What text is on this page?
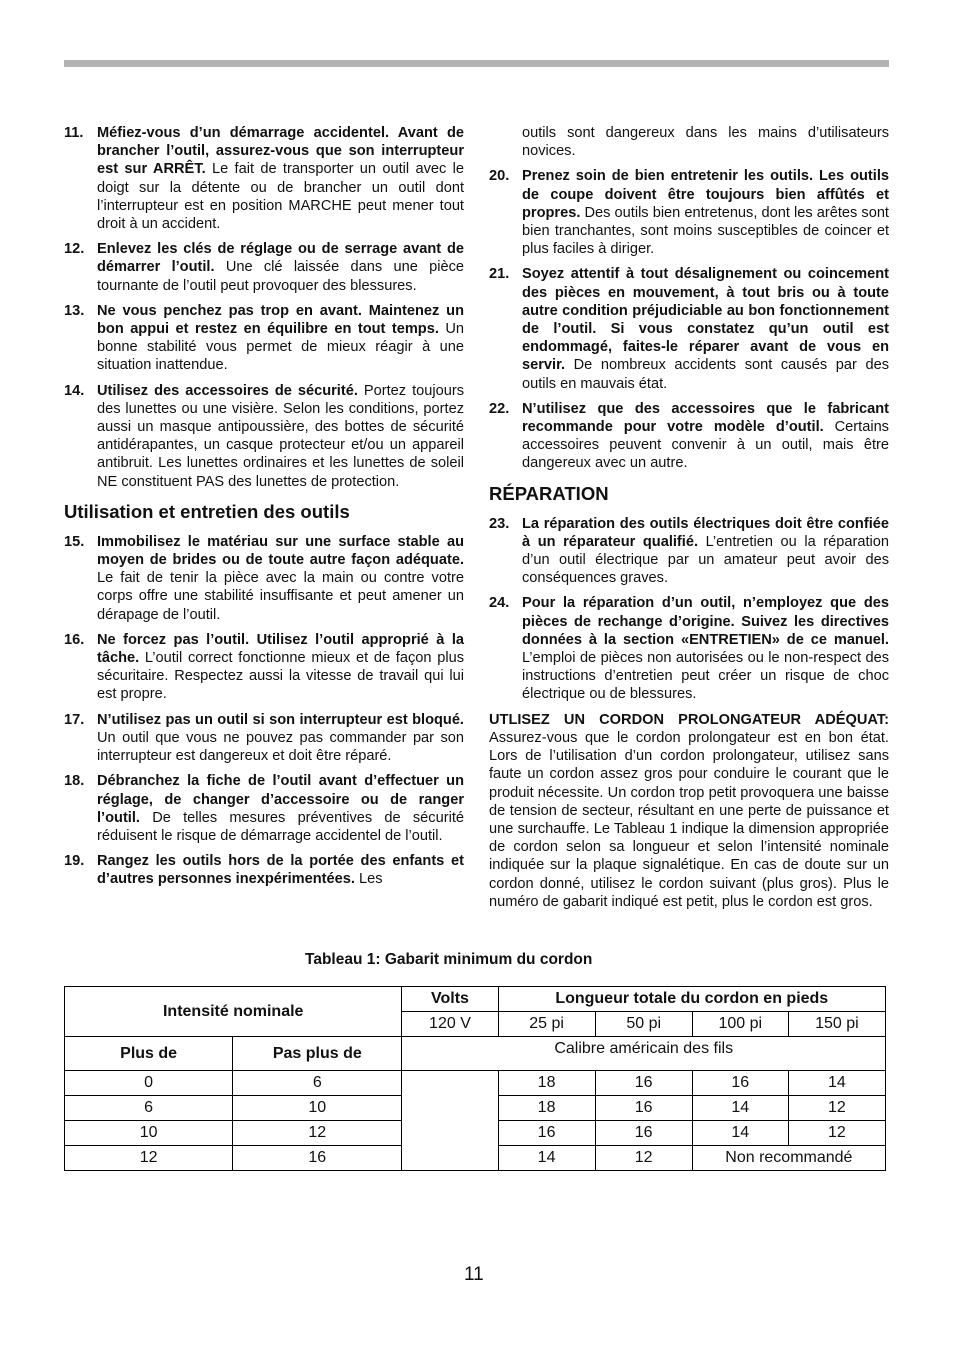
11. Méfiez-vous d’un démarrage accidentel. Avant de brancher l’outil, assurez-vous que son interrupteur est sur ARRÊT. Le fait de transporter un outil avec le doigt sur la détente ou de brancher un outil dont l’interrupteur est en position MARCHE peut mener tout droit à un accident.
12. Enlevez les clés de réglage ou de serrage avant de démarrer l’outil. Une clé laissée dans une pièce tournante de l’outil peut provoquer des blessures.
13. Ne vous penchez pas trop en avant. Maintenez un bon appui et restez en équilibre en tout temps. Un bonne stabilité vous permet de mieux réagir à une situation inattendue.
14. Utilisez des accessoires de sécurité. Portez toujours des lunettes ou une visière. Selon les conditions, portez aussi un masque antipoussière, des bottes de sécurité antidérapantes, un casque protecteur et/ou un appareil antibruit. Les lunettes ordinaires et les lunettes de soleil NE constituent PAS des lunettes de protection.
Utilisation et entretien des outils
15. Immobilisez le matériau sur une surface stable au moyen de brides ou de toute autre façon adéquate. Le fait de tenir la pièce avec la main ou contre votre corps offre une stabilité insuffisante et peut amener un dérapage de l’outil.
16. Ne forcez pas l’outil. Utilisez l’outil approprié à la tâche. L’outil correct fonctionne mieux et de façon plus sécuritaire. Respectez aussi la vitesse de travail qui lui est propre.
17. N’utilisez pas un outil si son interrupteur est bloqué. Un outil que vous ne pouvez pas commander par son interrupteur est dangereux et doit être réparé.
18. Débranchez la fiche de l’outil avant d’effectuer un réglage, de changer d’accessoire ou de ranger l’outil. De telles mesures préventives de sécurité réduisent le risque de démarrage accidentel de l’outil.
19. Rangez les outils hors de la portée des enfants et d’autres personnes inexpérimentées. Les
outils sont dangereux dans les mains d’utilisateurs novices.
20. Prenez soin de bien entretenir les outils. Les outils de coupe doivent être toujours bien affûtés et propres. Des outils bien entretenus, dont les arêtes sont bien tranchantes, sont moins susceptibles de coincer et plus faciles à diriger.
21. Soyez attentif à tout désalignement ou coincement des pièces en mouvement, à tout bris ou à toute autre condition préjudiciable au bon fonctionnement de l’outil. Si vous constatez qu’un outil est endommagé, faites-le réparer avant de vous en servir. De nombreux accidents sont causés par des outils en mauvais état.
22. N’utilisez que des accessoires que le fabricant recommande pour votre modèle d’outil. Certains accessoires peuvent convenir à un outil, mais être dangereux avec un autre.
RÉPARATION
23. La réparation des outils électriques doit être confiée à un réparateur qualifié. L’entretien ou la réparation d’un outil électrique par un amateur peut avoir des conséquences graves.
24. Pour la réparation d’un outil, n’employez que des pièces de rechange d’origine. Suivez les directives données à la section «ENTRETIEN» de ce manuel. L’emploi de pièces non autorisées ou le non-respect des instructions d’entretien peut créer un risque de choc électrique ou de blessures.

UTLISEZ UN CORDON PROLONGATEUR ADÉQUAT: Assurez-vous que le cordon prolongateur est en bon état. Lors de l’utilisation d’un cordon prolongateur, utilisez sans faute un cordon assez gros pour conduire le courant que le produit nécessite. Un cordon trop petit provoquera une baisse de tension de secteur, résultant en une perte de puissance et une surchauffe. Le Tableau 1 indique la dimension appropriée de cordon selon sa longueur et selon l’intensité nominale indiquée sur la plaque signalétique. En cas de doute sur un cordon donné, utilisez le cordon suivant (plus gros). Plus le numéro de gabarit indiqué est petit, plus le cordon est gros.

Tableau 1: Gabarit minimum du cordon
Intensité nominale		Volts	Longueur totale du cordon en pieds			
		120 V	25 pi	50 pi	100 pi	150 pi
Plus de	Pas plus de	Calibre américain des fils				
0	6		18	16	16	14
6	10		18	16	14	12
10	12		16	16	14	12
12	16		14	12	Non recommandé	
11
